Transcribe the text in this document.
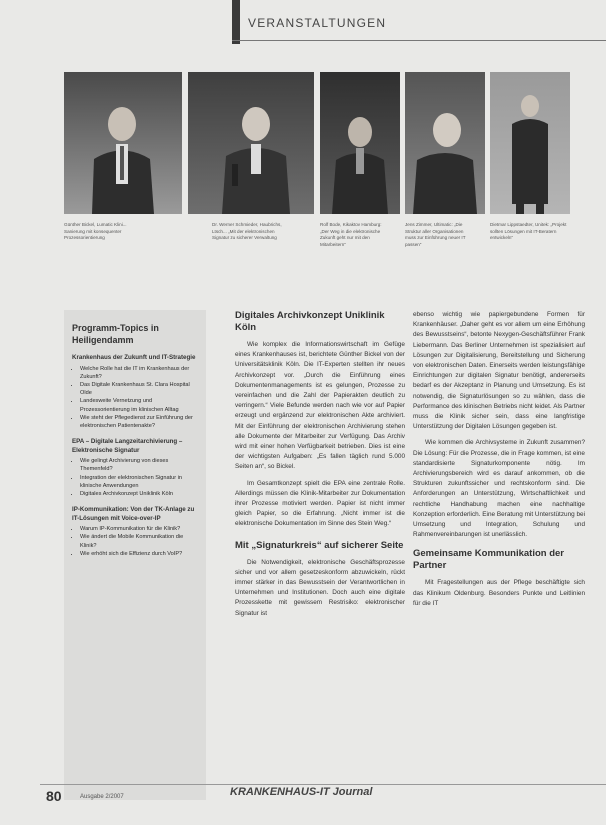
VERANSTALTUNGEN
Günther Bickel, Lumatic Klini... Sanierung mit konsequenter Prozessorientierung
Dr. Werner Schmieder, Haubrichs, Ltsch... „Mit der elektronischen Signatur zu sicherer Verwaltung
Rolf Bode, Kikaktov Hamburg: „Der Weg in die elektronische Zukunft geht nur mit den Mitarbeitern“
Jens Zimmer, Ultimatic: „Die Struktur aller Organisationen muss zur Einführung neuer IT passen“
Dietmar Lippstaedter, Unitek: „Projekt sollten Lösungen mit IT-Beratern entwickeln“
Programm-Topics in Heiligendamm
Krankenhaus der Zukunft und IT-Strategie
• Welche Rolle hat die IT im Krankenhaus der Zukunft?
• Das Digitale Krankenhaus St. Clara Hospital Olde
• Landesweite Vernetzung und Prozessorientierung im klinischen Alltag
• Wie steht der Pflegedienst zur Einführung der elektronischen Patientenakte?
EPA – Digitale Langzeitarchivierung – Elektronische Signatur
• Wie gelingt Archivierung von dieses Themenfeld?
• Integration der elektronischen Signatur in klinische Anwendungen
• Digitales Archivkonzept Uniklinik Köln
IP-Kommunikation: Von der TK-Anlage zu IT-Lösungen mit Voice-over-IP
• Warum IP-Kommunikation für die Klinik?
• Wie ändert die Mobile Kommunikation die Klinik?
• Wie erhöht sich die Effizienz durch VoIP?
Digitales Archivkonzept Uniklinik Köln

Wie komplex die Informationswirtschaft im Gefüge eines Krankenhauses ist, berichtete Günther Bickel von der Universitätsklinik Köln. Die IT-Experten stellten ihr neues Archivkonzept vor. „Durch die Einführung eines Dokumentenmanagements ist es gelungen, Prozesse zu vereinfachen und die Zahl der Papierakten deutlich zu verringern.“ Viele Befunde werden nach wie vor auf Papier erzeugt und ergänzend zur elektronischen Akte archiviert. Mit der Einführung der elektronischen Archivierung stehen alle Dokumente der Mitarbeiter zur Verfügung. Das Archiv wird mit einer hohen Verfügbarkeit betrieben. Dies ist eine der wichtigsten Aufgaben: „Es fallen täglich rund 5.000 Seiten an“, so Bickel.

Im Gesamtkonzept spielt die EPA eine zentrale Rolle. Allerdings müssen die Klinik-Mitarbeiter zur Dokumentation ihrer Prozesse motiviert werden. Papier ist nicht immer gleich Papier, so die Erfahrung. „Nicht immer ist die elektronische Dokumentation im Sinne des Stein Weg.“

Mit „Signaturkreis“ auf sicherer Seite

Die Notwendigkeit, elektronische Geschäftsprozesse sicher und vor allem gesetzeskonform abzuwickeln, rückt immer stärker in das Bewusstsein der Verantwortlichen in Unternehmen und Institutionen. Doch auch eine digitale Prozesskette mit gewissem Restrisiko: elektronischer Signatur ist

ebenso wichtig wie papiergebundene Formen für Krankenhäuser. „Daher geht es vor allem um eine Erhöhung des Bewusstseins“, betonte Nexygen-Geschäftsführer Frank Liebermann. Das Berliner Unternehmen ist spezialisiert auf Lösungen zur Digitalisierung, Bereitstellung und Sicherung von elektronischen Daten. Einerseits werden leistungsfähige Einrichtungen zur digitalen Signatur benötigt, andererseits bedarf es der Akzeptanz in Planung und Umsetzung. Es ist notwendig, die Signaturlösungen so zu wählen, dass die Performance des klinischen Betriebs nicht leidet. Als Partner muss die Klinik sicher sein, dass eine langfristige Unterstützung der Digitalen Lösungen gegeben ist.

Wie kommen die Archivsysteme in Zukunft zusammen? Die Lösung: Für die Prozesse, die in Frage kommen, ist eine standardisierte Signaturkomponente nötig. Im Archivierungsbereich wird es darauf ankommen, ob die Strukturen zukunftssicher und rechtskonform sind. Die Anforderungen an Unterstützung, Wirtschaftlichkeit und rechtliche Handhabung machen eine nachhaltige Konzeption erforderlich. Eine Beratung mit Unterstützung bei Umsetzung und Integration, Schulung und Rahmenvereinbarungen ist unerlässlich.

Gemeinsame Kommunikation der Partner

Mit Fragestellungen aus der Pflege beschäftigte sich das Klinikum Oldenburg. Besonders Punkte und Leitlinien für die IT

80	Ausgabe 2/2007	KRANKENHAUS-IT Journal
